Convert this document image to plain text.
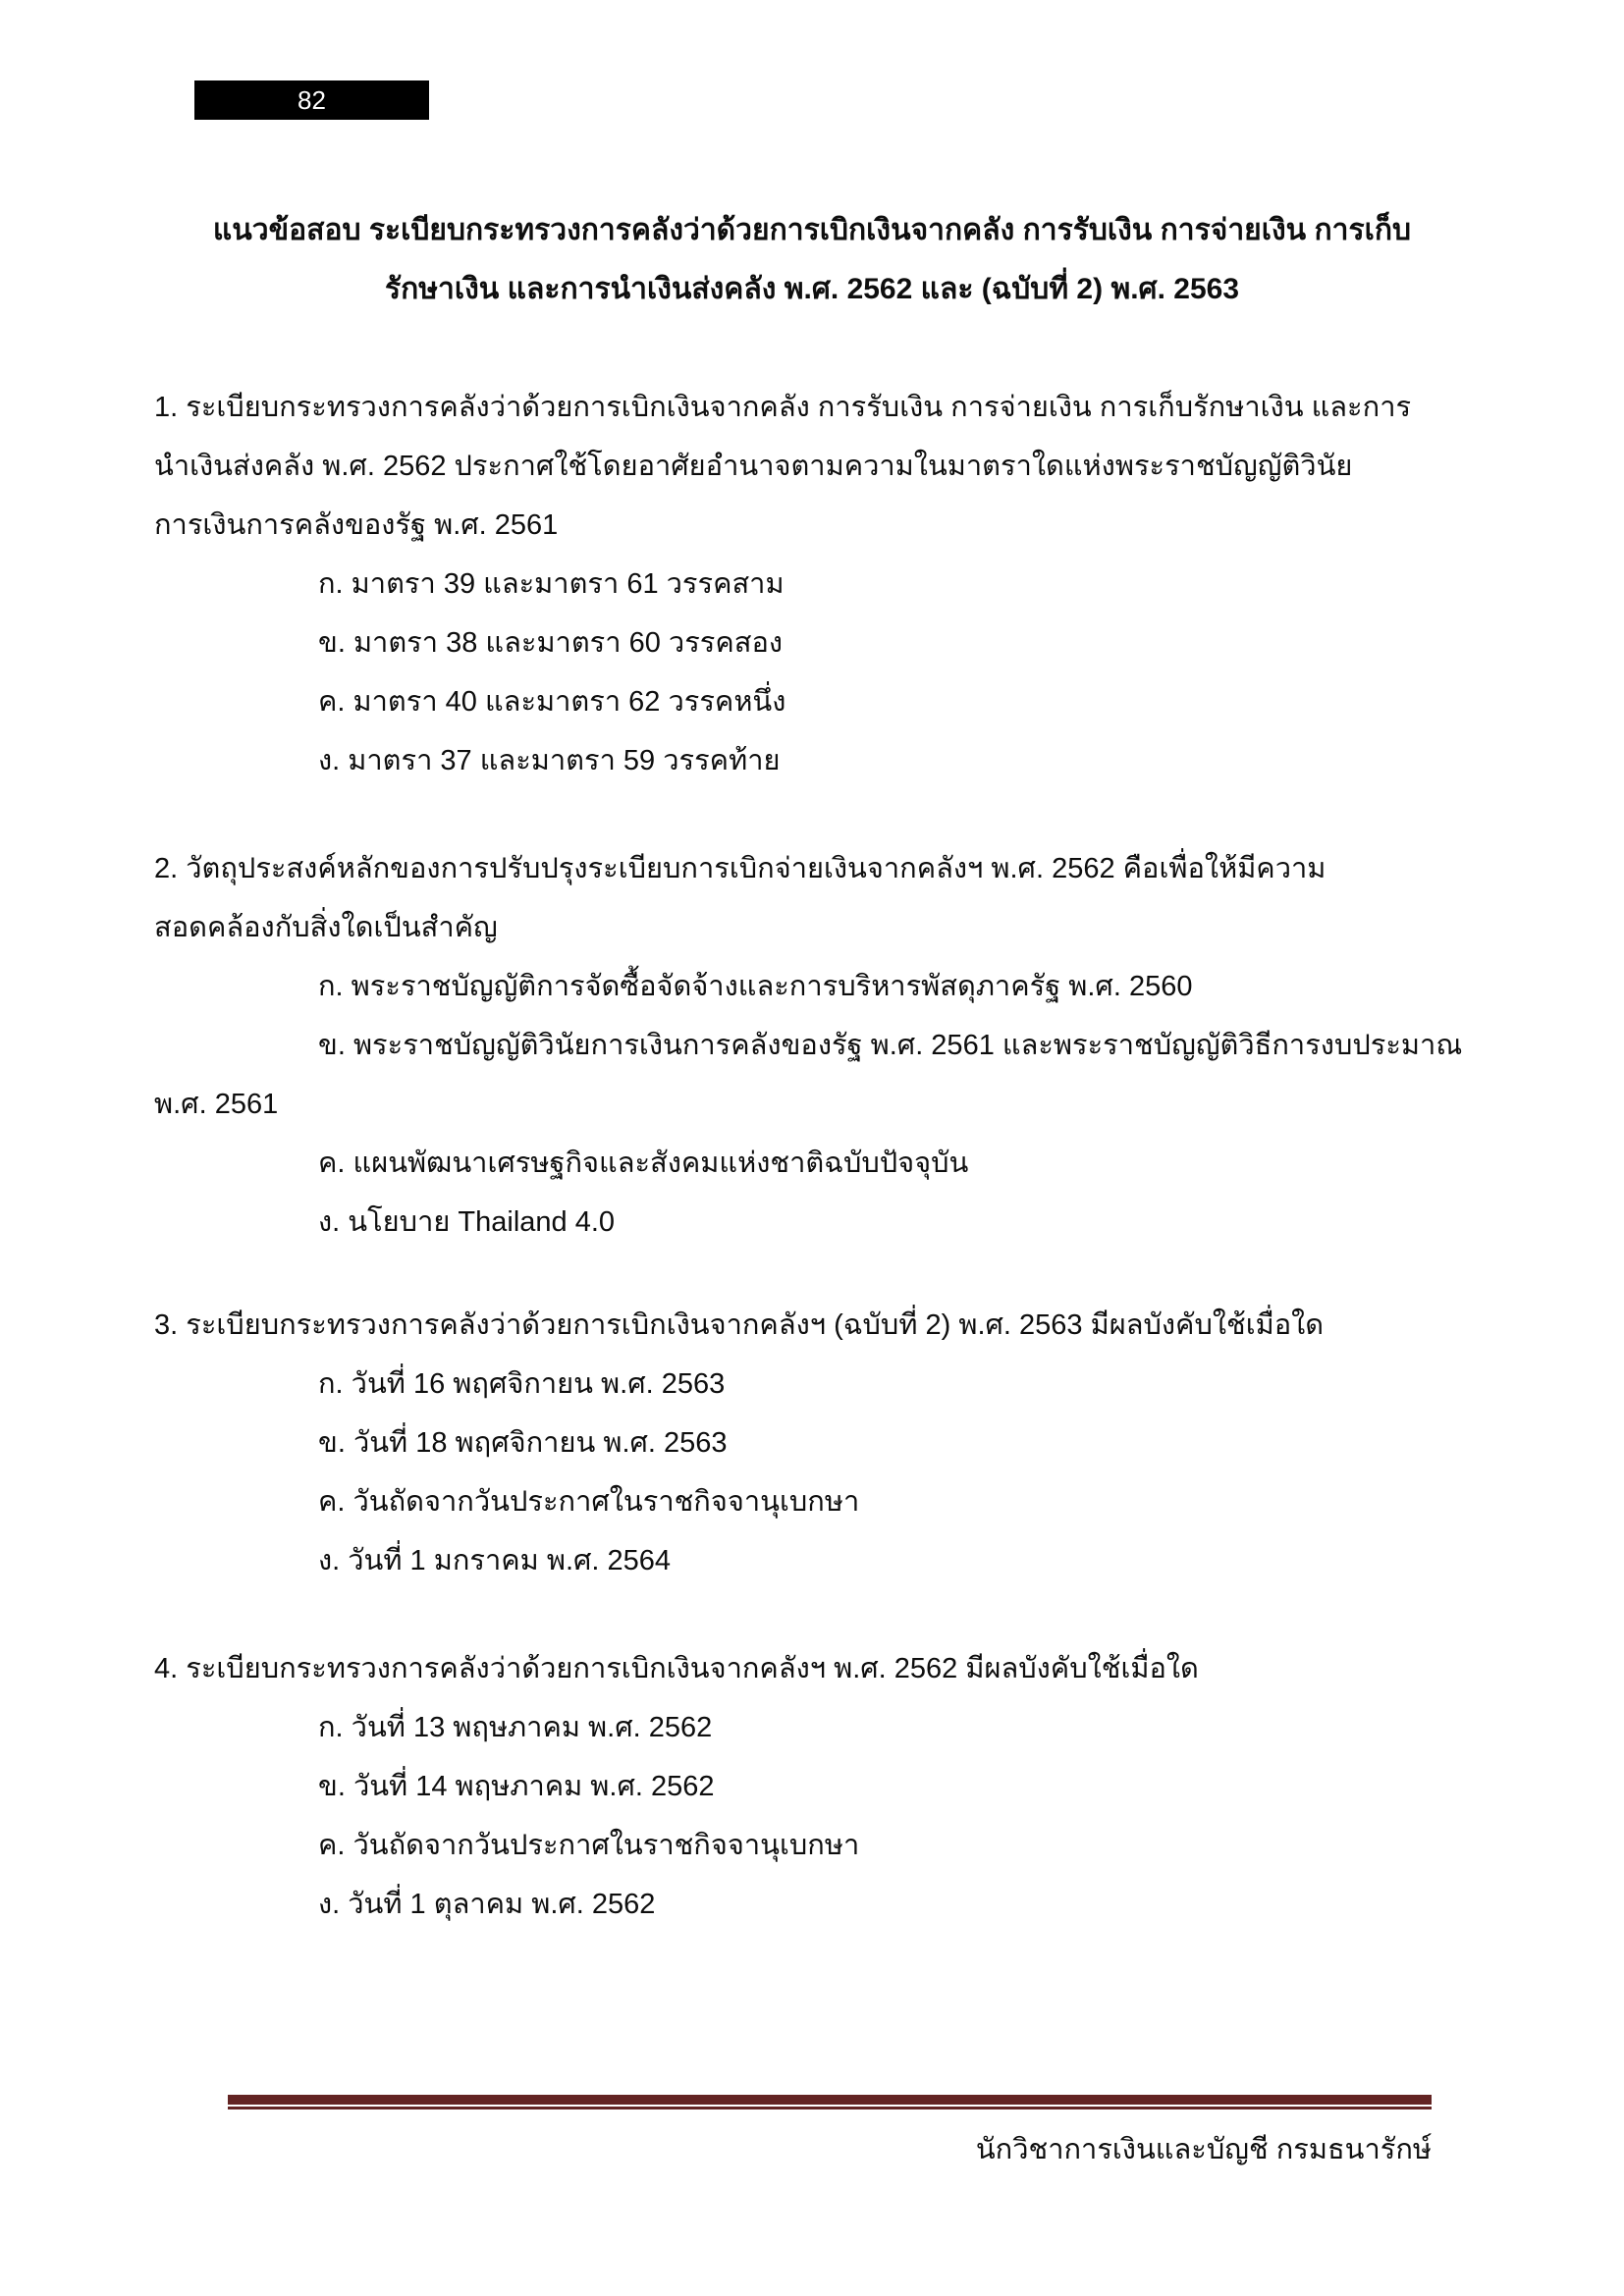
82
แนวข้อสอบ ระเบียบกระทรวงการคลังว่าด้วยการเบิกเงินจากคลัง การรับเงิน การจ่ายเงิน การเก็บ
รักษาเงิน และการนำเงินส่งคลัง พ.ศ. 2562 และ (ฉบับที่ 2) พ.ศ. 2563
1. ระเบียบกระทรวงการคลังว่าด้วยการเบิกเงินจากคลัง การรับเงิน การจ่ายเงิน การเก็บรักษาเงิน และการ
นำเงินส่งคลัง พ.ศ. 2562 ประกาศใช้โดยอาศัยอำนาจตามความในมาตราใดแห่งพระราชบัญญัติวินัย
การเงินการคลังของรัฐ พ.ศ. 2561
ก. มาตรา 39 และมาตรา 61 วรรคสาม
ข. มาตรา 38 และมาตรา 60 วรรคสอง
ค. มาตรา 40 และมาตรา 62 วรรคหนึ่ง
ง. มาตรา 37 และมาตรา 59 วรรคท้าย
2. วัตถุประสงค์หลักของการปรับปรุงระเบียบการเบิกจ่ายเงินจากคลังฯ พ.ศ. 2562 คือเพื่อให้มีความ
สอดคล้องกับสิ่งใดเป็นสำคัญ
ก. พระราชบัญญัติการจัดซื้อจัดจ้างและการบริหารพัสดุภาครัฐ พ.ศ. 2560
ข. พระราชบัญญัติวินัยการเงินการคลังของรัฐ พ.ศ. 2561 และพระราชบัญญัติวิธีการงบประมาณ
พ.ศ. 2561
ค. แผนพัฒนาเศรษฐกิจและสังคมแห่งชาติฉบับปัจจุบัน
ง. นโยบาย Thailand 4.0
3. ระเบียบกระทรวงการคลังว่าด้วยการเบิกเงินจากคลังฯ (ฉบับที่ 2) พ.ศ. 2563 มีผลบังคับใช้เมื่อใด
ก. วันที่ 16 พฤศจิกายน พ.ศ. 2563
ข. วันที่ 18 พฤศจิกายน พ.ศ. 2563
ค. วันถัดจากวันประกาศในราชกิจจานุเบกษา
ง. วันที่ 1 มกราคม พ.ศ. 2564
4. ระเบียบกระทรวงการคลังว่าด้วยการเบิกเงินจากคลังฯ พ.ศ. 2562 มีผลบังคับใช้เมื่อใด
ก. วันที่ 13 พฤษภาคม พ.ศ. 2562
ข. วันที่ 14 พฤษภาคม พ.ศ. 2562
ค. วันถัดจากวันประกาศในราชกิจจานุเบกษา
ง. วันที่ 1 ตุลาคม พ.ศ. 2562
นักวิชาการเงินและบัญชี กรมธนารักษ์
